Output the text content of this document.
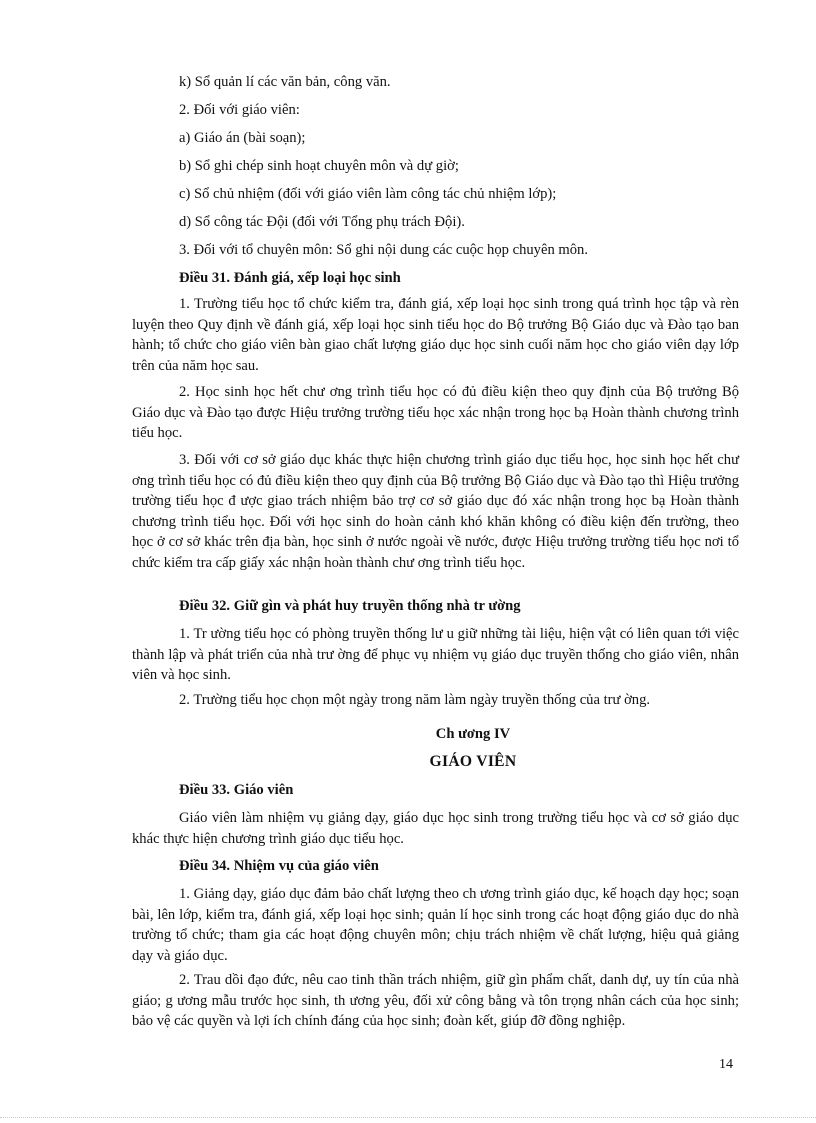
k) Sổ quản lí các văn bản, công văn.
2. Đối với giáo viên:
a) Giáo án (bài soạn);
b) Sổ ghi chép sinh hoạt chuyên môn và dự giờ;
c) Sổ chủ nhiệm (đối với giáo viên làm công tác chủ nhiệm lớp);
d) Sổ công tác Đội (đối với Tổng phụ trách Đội).
3. Đối với tổ chuyên môn: Sổ ghi nội dung các cuộc họp chuyên môn.
Điều 31. Đánh giá, xếp loại học sinh

1. Trường tiểu học tổ chức kiểm tra, đánh giá, xếp loại học sinh trong quá trình học tập và rèn luyện theo Quy định về đánh giá, xếp loại học sinh tiểu học do Bộ trưởng Bộ Giáo dục và Đào tạo ban hành; tổ chức cho giáo viên bàn giao chất lượng giáo dục học sinh cuối năm học cho giáo viên dạy lớp trên của năm học sau.

2. Học sinh học hết chư ơng trình tiểu học có đủ điều kiện theo quy định của Bộ trưởng Bộ Giáo dục và Đào tạo được Hiệu trưởng trường tiểu học xác nhận trong học bạ Hoàn thành chương trình tiểu học.

3. Đối với cơ sở giáo dục khác thực hiện chương trình giáo dục tiểu học, học sinh học hết chư ơng trình tiểu học có đủ điều kiện theo quy định của Bộ trưởng Bộ Giáo dục và Đào tạo thì Hiệu trưởng trường tiểu học đ ược giao trách nhiệm bảo trợ cơ sở giáo dục đó xác nhận trong học bạ Hoàn thành chương trình tiểu học. Đối với học sinh do hoàn cảnh khó khăn không có điều kiện đến trường, theo học ở cơ sở khác trên địa bàn, học sinh ở nước ngoài về nước, được Hiệu trưởng trường tiểu học nơi tổ chức kiểm tra cấp giấy xác nhận hoàn thành chư ơng trình tiểu học.

Điều 32. Giữ gìn và phát huy truyền thống nhà tr ường

1. Tr ường tiểu học có phòng truyền thống lư u giữ những tài liệu, hiện vật có liên quan tới việc thành lập và phát triển của nhà trư ờng để phục vụ nhiệm vụ giáo dục truyền thống cho giáo viên, nhân viên và học sinh.

2. Trường tiểu học chọn một ngày trong năm làm ngày truyền thống của trư ờng.
Ch ương IV
GIÁO VIÊN
Điều 33. Giáo viên

Giáo viên làm nhiệm vụ giảng dạy, giáo dục học sinh trong trường tiểu học và cơ sở giáo dục khác thực hiện chương trình giáo dục tiểu học.

Điều 34. Nhiệm vụ của giáo viên

1. Giảng dạy, giáo dục đảm bảo chất lượng theo ch ương trình giáo dục, kế hoạch dạy học; soạn bài, lên lớp, kiểm tra, đánh giá, xếp loại học sinh; quản lí học sinh trong các hoạt động giáo dục do nhà trường tổ chức; tham gia các hoạt động chuyên môn; chịu trách nhiệm về chất lượng, hiệu quả giảng dạy và giáo dục.

2. Trau dồi đạo đức, nêu cao tinh thần trách nhiệm, giữ gìn phẩm chất, danh dự, uy tín của nhà giáo; g ương mẫu trước học sinh, th ương yêu, đối xử công bằng và tôn trọng nhân cách của học sinh; bảo vệ các quyền và lợi ích chính đáng của học sinh; đoàn kết, giúp đỡ đồng nghiệp.

14
